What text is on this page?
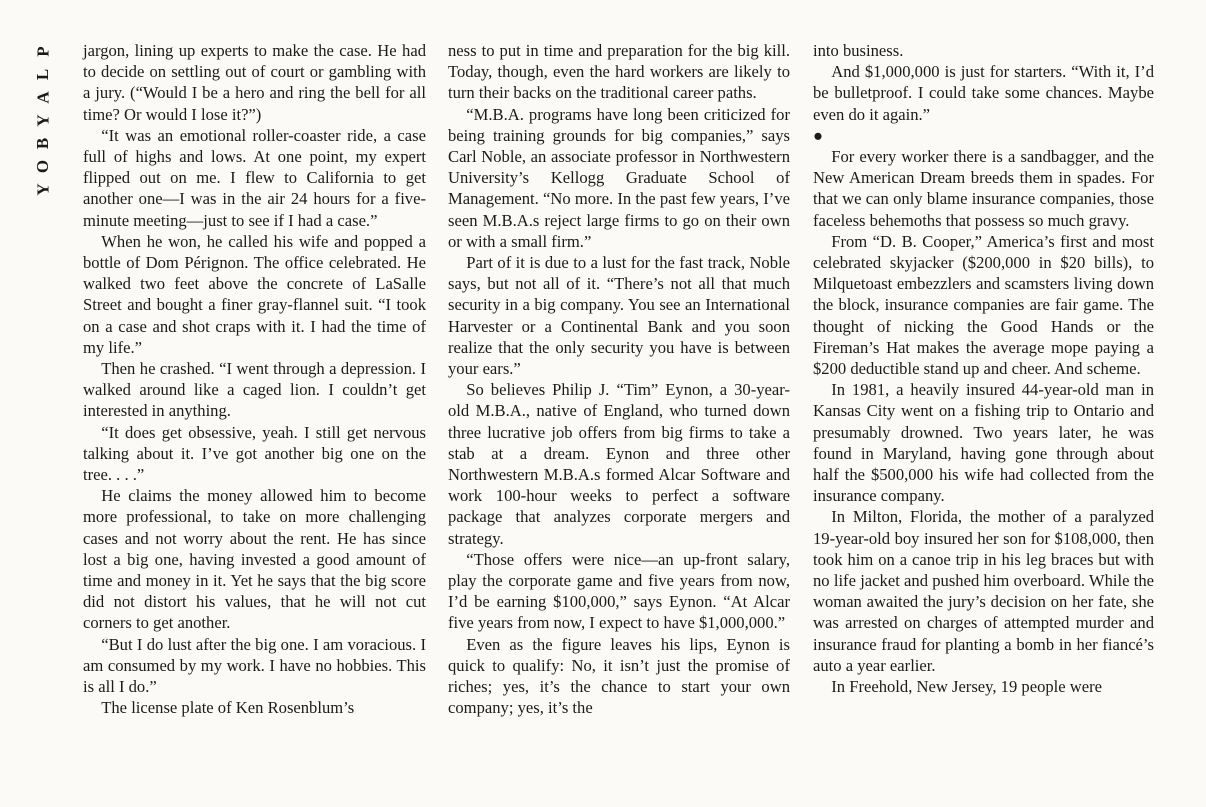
P
L
A
Y
B
O
Y

jargon, lining up experts to make the case. He had to decide on settling out of court or gambling with a jury. (“Would I be a hero and ring the bell for all time? Or would I lose it?”)

“It was an emotional roller-coaster ride, a case full of highs and lows. At one point, my expert flipped out on me. I flew to California to get another one—I was in the air 24 hours for a five-minute meeting—just to see if I had a case.”

When he won, he called his wife and popped a bottle of Dom Pérignon. The office celebrated. He walked two feet above the concrete of LaSalle Street and bought a finer gray-flannel suit. “I took on a case and shot craps with it. I had the time of my life.”

Then he crashed. “I went through a depression. I walked around like a caged lion. I couldn’t get interested in anything.

“It does get obsessive, yeah. I still get nervous talking about it. I’ve got another big one on the tree. . . .”

He claims the money allowed him to become more professional, to take on more challenging cases and not worry about the rent. He has since lost a big one, having invested a good amount of time and money in it. Yet he says that the big score did not distort his values, that he will not cut corners to get another.

“But I do lust after the big one. I am voracious. I am consumed by my work. I have no hobbies. This is all I do.”

The license plate of Ken Rosenblum’s

ness to put in time and preparation for the big kill. Today, though, even the hard workers are likely to turn their backs on the traditional career paths.

“M.B.A. programs have long been criticized for being training grounds for big companies,” says Carl Noble, an associate professor in Northwestern University’s Kellogg Graduate School of Management. “No more. In the past few years, I’ve seen M.B.A.s reject large firms to go on their own or with a small firm.”

Part of it is due to a lust for the fast track, Noble says, but not all of it. “There’s not all that much security in a big company. You see an International Harvester or a Continental Bank and you soon realize that the only security you have is between your ears.”

So believes Philip J. “Tim” Eynon, a 30-year-old M.B.A., native of England, who turned down three lucrative job offers from big firms to take a stab at a dream. Eynon and three other Northwestern M.B.A.s formed Alcar Software and work 100-hour weeks to perfect a software package that analyzes corporate mergers and strategy.

“Those offers were nice—an up-front salary, play the corporate game and five years from now, I’d be earning $100,000,” says Eynon. “At Alcar five years from now, I expect to have $1,000,000.”

Even as the figure leaves his lips, Eynon is quick to qualify: No, it isn’t just the promise of riches; yes, it’s the chance to start your own company; yes, it’s the

into business.

And $1,000,000 is just for starters. “With it, I’d be bulletproof. I could take some chances. Maybe even do it again.”

●

For every worker there is a sandbagger, and the New American Dream breeds them in spades. For that we can only blame insurance companies, those faceless behemoths that possess so much gravy.

From “D. B. Cooper,” America’s first and most celebrated skyjacker ($200,000 in $20 bills), to Milquetoast embezzlers and scamsters living down the block, insurance companies are fair game. The thought of nicking the Good Hands or the Fireman’s Hat makes the average mope paying a $200 deductible stand up and cheer. And scheme.

In 1981, a heavily insured 44-year-old man in Kansas City went on a fishing trip to Ontario and presumably drowned. Two years later, he was found in Maryland, having gone through about half the $500,000 his wife had collected from the insurance company.

In Milton, Florida, the mother of a paralyzed 19-year-old boy insured her son for $108,000, then took him on a canoe trip in his leg braces but with no life jacket and pushed him overboard. While the woman awaited the jury’s decision on her fate, she was arrested on charges of attempted murder and insurance fraud for planting a bomb in her fiancé’s auto a year earlier.

In Freehold, New Jersey, 19 people were
